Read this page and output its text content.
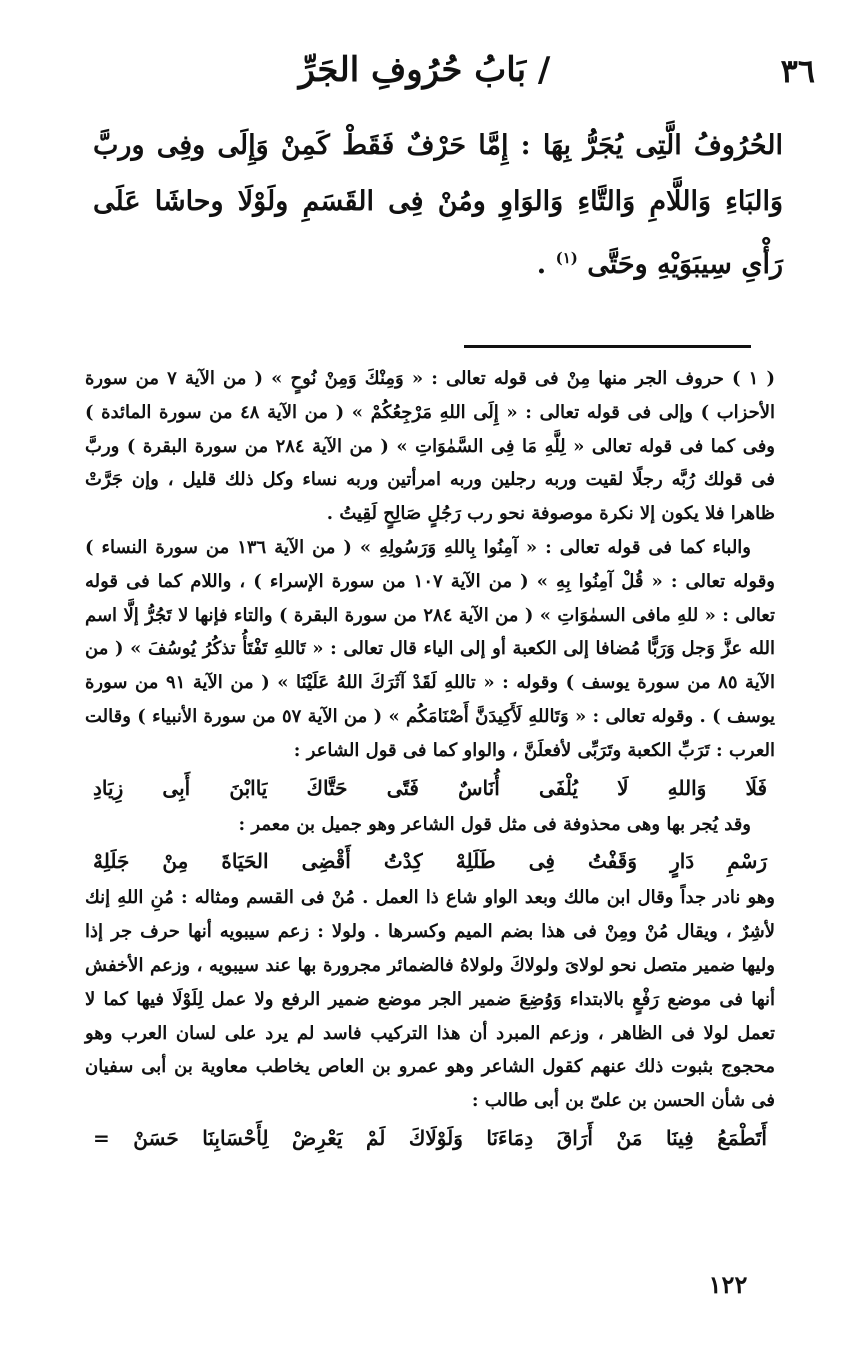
٣٦
/ بَابُ حُرُوفِ الجَرِّ
الحُرُوفُ الَّتِى يُجَرُّ بِهَا : إِمَّا حَرْفٌ فَقَطْ كَمِنْ وَإِلَى وفِى وربَّ وَالبَاءِ وَاللَّامِ وَالتَّاءِ وَالوَاوِ ومُنْ فِى القَسَمِ ولَوْلَا وحاشَا عَلَى رَأْىِ سِيبَوَيْهِ وحَتَّى $^{(١)}$ .

( ١ ) حروف الجر منها مِنْ فى قوله تعالى : « وَمِنْكَ وَمِنْ نُوحٍ » ( من الآية ٧ من سورة الأحزاب ) وإلى فى قوله تعالى : « إِلَى اللهِ مَرْجِعُكُمْ » ( من الآية ٤٨ من سورة المائدة ) وفى كما فى قوله تعالى « لِلَّهِ مَا فِى السَّمٰوَاتِ » ( من الآية ٢٨٤ من سورة البقرة ) وربَّ فى قولك رُبَّه رجلًا لقيت وربه رجلين وربه امرأتين وربه نساء وكل ذلك قليل ، وإن جَرَّتْ ظاهرا فلا يكون إلا نكرة موصوفة نحو رب رَجُلٍ صَالِحٍ لَقِيتُ .

والباء كما فى قوله تعالى : « آمِنُوا بِاللهِ وَرَسُولِهِ » ( من الآية ١٣٦ من سورة النساء ) وقوله تعالى : « قُلْ آمِنُوا بِهِ » ( من الآية ١٠٧ من سورة الإسراء ) ، واللام كما فى قوله تعالى : « للهِ مافى السمٰوَاتِ » ( من الآية ٢٨٤ من سورة البقرة ) والتاء فإنها لا تَجُرُّ إلَّا اسم الله عزَّ وَجل وَرَبًّا مُضافا إلى الكعبة أو إلى الياء قال تعالى : « تَاللهِ تَفْتَأُ تذكُرُ يُوسُفَ » ( من الآية ٨٥ من سورة يوسف ) وقوله : « تاللهِ لَقَدْ آثَرَكَ اللهُ عَلَيْنَا » ( من الآية ٩١ من سورة يوسف ) . وقوله تعالى : « وَتَاللهِ لَأَكِيدَنَّ أَصْنَامَكُم » ( من الآية ٥٧ من سورة الأنبياء ) وقالت العرب : تَرَبِّ الكعبة وتَرَبِّى لأفعلَنَّ ، والواو كما فى قول الشاعر :

فَلَا وَاللهِ لَا يُلْفَى أُنَاسٌ فَتًى حَتَّاكَ يَاابْنَ أَبِى زِيَادِ

وقد يُجر بها وهى محذوفة فى مثل قول الشاعر وهو جميل بن معمر :

رَسْمِ دَارٍ وَقَفْتُ فِى طَلَلِهْ كِدْتُ أَقْضِى الحَيَاةَ مِنْ جَلَلِهْ

وهو نادر جداً وقال ابن مالك وبعد الواو شاع ذا العمل . مُنْ فى القسم ومثاله : مُنِ اللهِ إنك لأشِرٌ ، ويقال مُنْ ومِنْ فى هذا بضم الميم وكسرها . ولولا : زعم سيبويه أنها حرف جر إذا وليها ضمير متصل نحو لولاىَ ولولاكَ ولولاهُ فالضمائر مجرورة بها عند سيبويه ، وزعم الأخفش أنها فى موضع رَفْعٍ بالابتداء وَوُضِعَ ضمير الجر موضع ضمير الرفع ولا عمل لِلَوْلَا فيها كما لا تعمل لولا فى الظاهر ، وزعم المبرد أن هذا التركيب فاسد لم يرد على لسان العرب وهو محجوج بثبوت ذلك عنهم كقول الشاعر وهو عمرو بن العاص يخاطب معاوية بن أبى سفيان فى شأن الحسن بن علىّ بن أبى طالب :

أَتَطْمَعُ فِينَا مَنْ أَرَاقَ دِمَاءَنَا وَلَوْلَاكَ لَمْ يَعْرِضْ لِأَحْسَابِنَا حَسَنْ =

١٢٢
